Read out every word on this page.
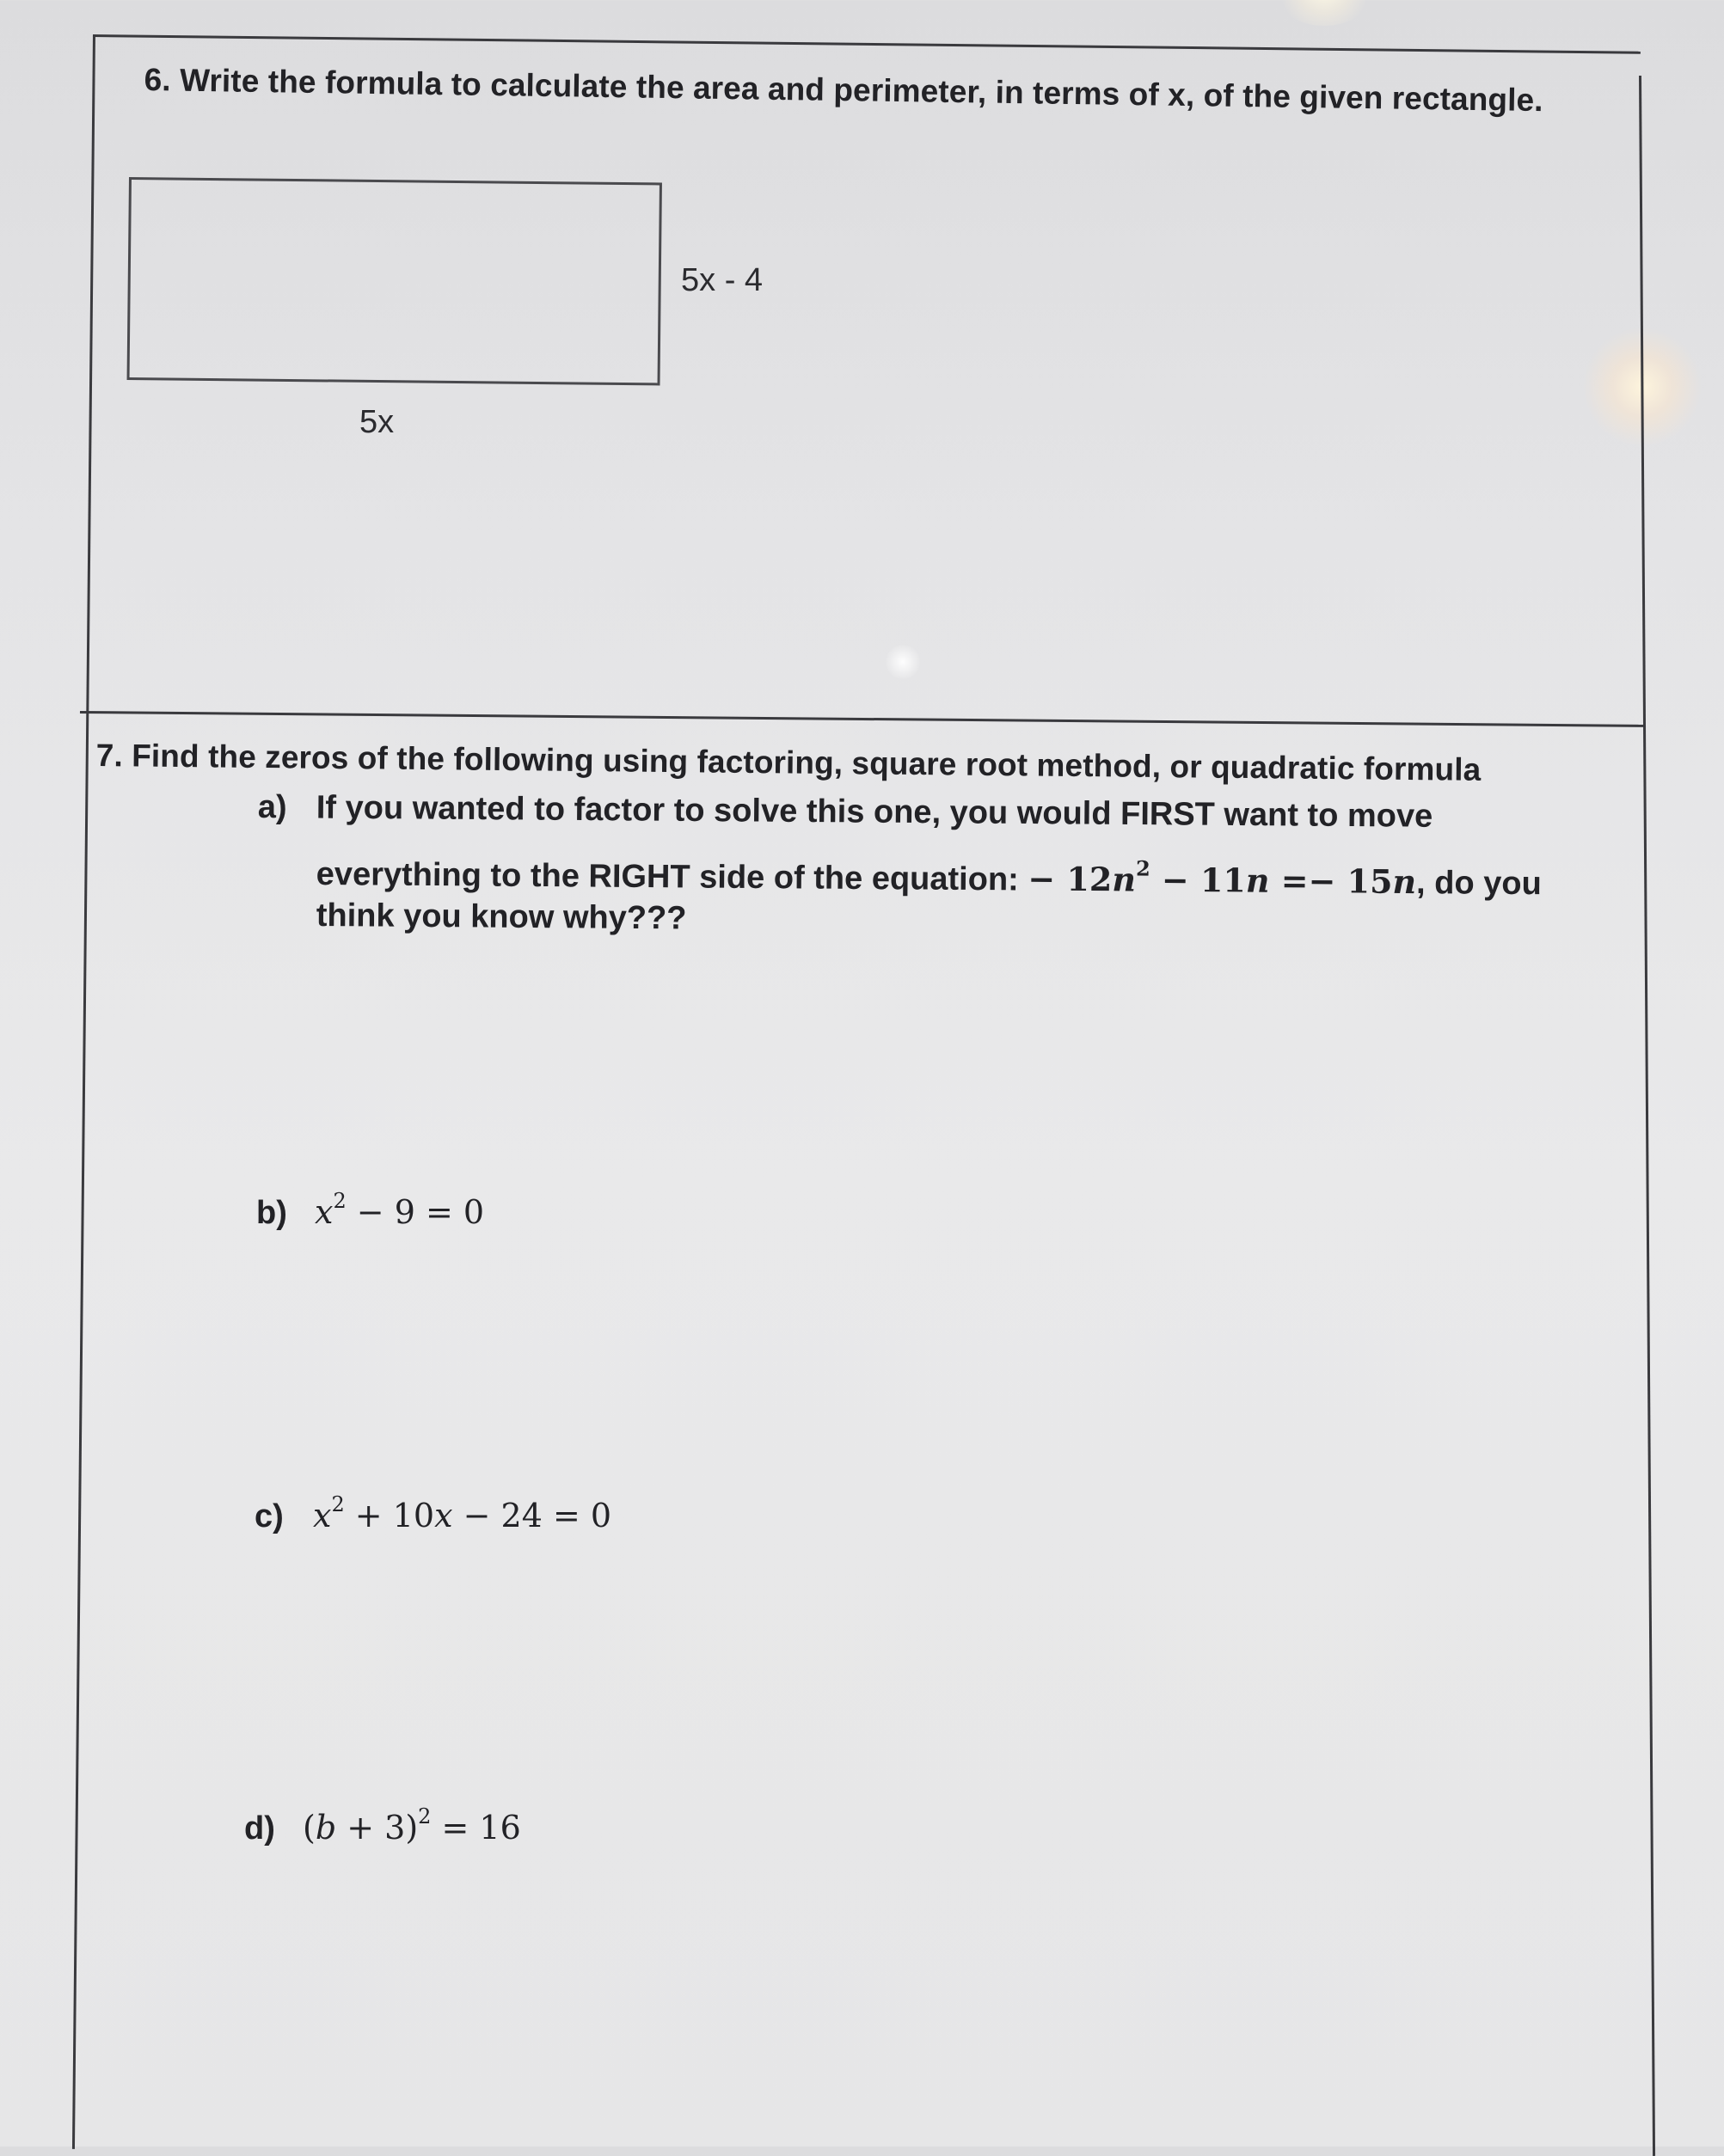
6. Write the formula to calculate the area and perimeter, in terms of x, of the given rectangle.
5x - 4
5x
7. Find the zeros of the following using factoring, square root method, or quadratic formula
a) If you wanted to factor to solve this one, you would FIRST want to move
everything to the RIGHT side of the equation: − $12n^2 - 11n =- 15n$, do you
think you know why???
b) $x^2 - 9 = 0$
c) $x^2 + 10x - 24 = 0$
d) $(b + 3)^2 = 16$
